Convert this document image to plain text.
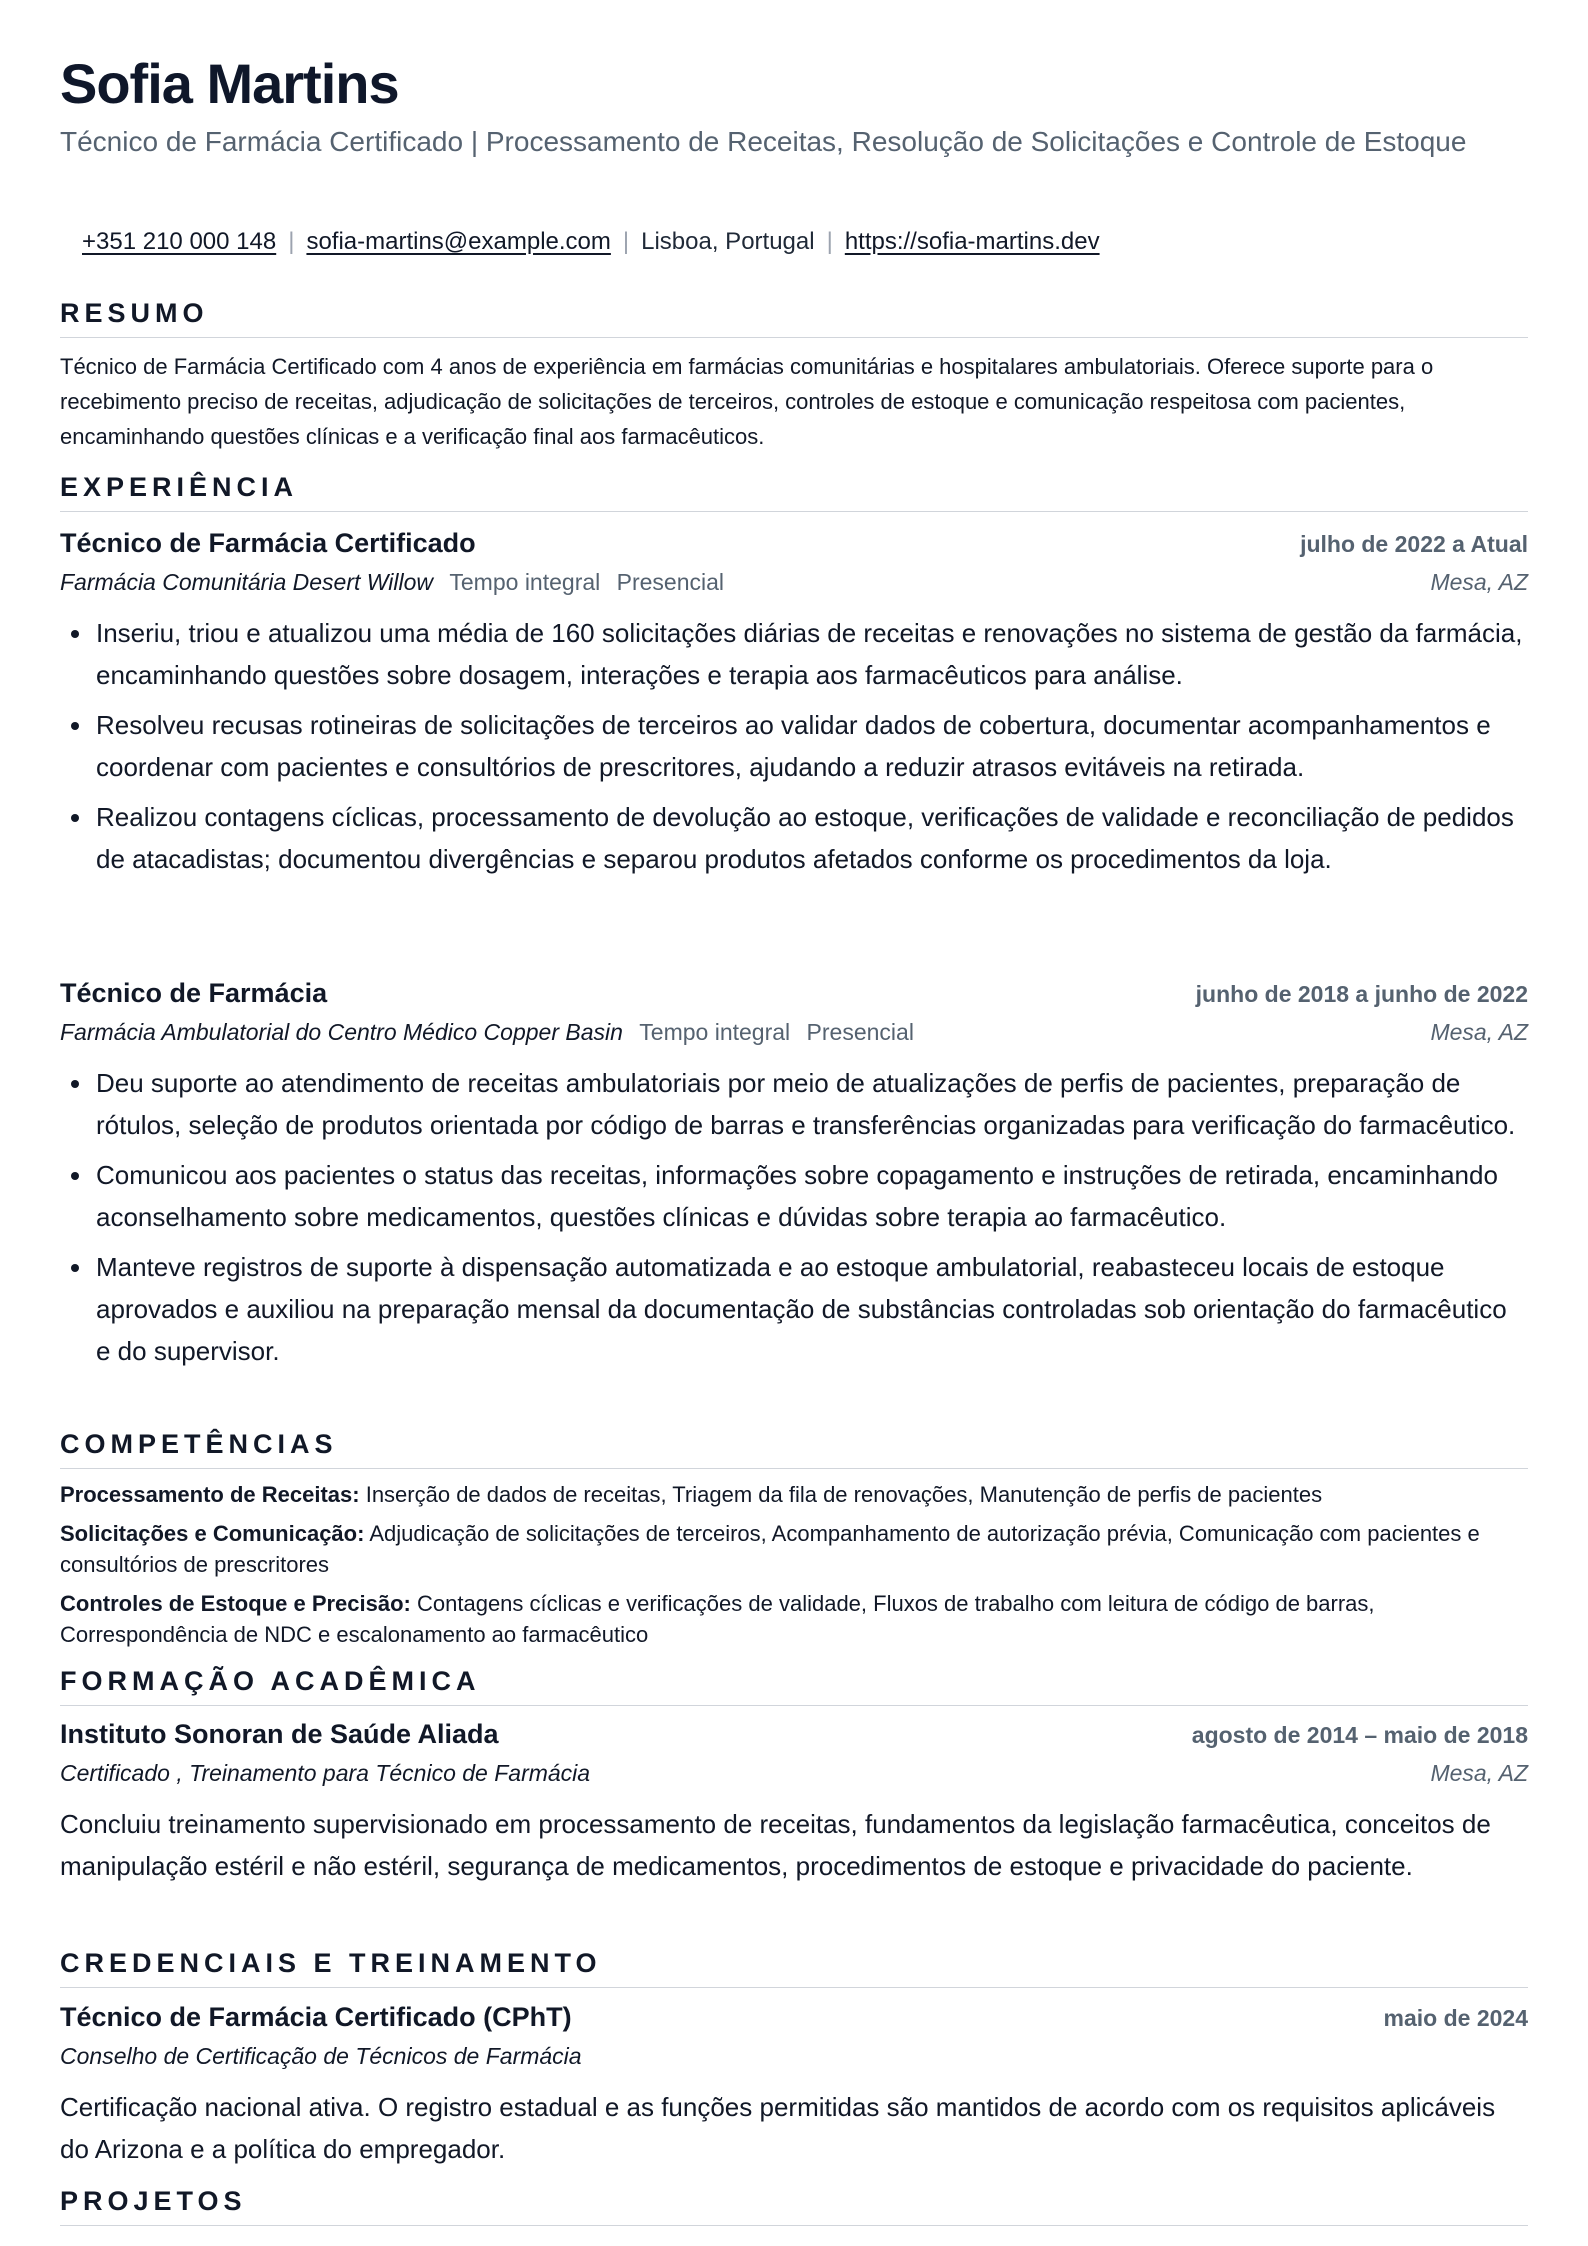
Sofia Martins

Técnico de Farmácia Certificado | Processamento de Receitas, Resolução de Solicitações e Controle de Estoque

+351 210 000 148 | sofia-martins@example.com | Lisboa, Portugal | https://sofia-martins.dev
RESUMO

Técnico de Farmácia Certificado com 4 anos de experiência em farmácias comunitárias e hospitalares ambulatoriais. Oferece suporte para o recebimento preciso de receitas, adjudicação de solicitações de terceiros, controles de estoque e comunicação respeitosa com pacientes, encaminhando questões clínicas e a verificação final aos farmacêuticos.

EXPERIÊNCIA
Técnico de Farmácia Certificado	julho de 2022 a Atual
Farmácia Comunitária Desert Willow Tempo integral Presencial	Mesa, AZ
• Inseriu, triou e atualizou uma média de 160 solicitações diárias de receitas e renovações no sistema de gestão da farmácia, encaminhando questões sobre dosagem, interações e terapia aos farmacêuticos para análise.
• Resolveu recusas rotineiras de solicitações de terceiros ao validar dados de cobertura, documentar acompanhamentos e coordenar com pacientes e consultórios de prescritores, ajudando a reduzir atrasos evitáveis na retirada.
• Realizou contagens cíclicas, processamento de devolução ao estoque, verificações de validade e reconciliação de pedidos de atacadistas; documentou divergências e separou produtos afetados conforme os procedimentos da loja.
Técnico de Farmácia	junho de 2018 a junho de 2022
Farmácia Ambulatorial do Centro Médico Copper Basin Tempo integral Presencial	Mesa, AZ
• Deu suporte ao atendimento de receitas ambulatoriais por meio de atualizações de perfis de pacientes, preparação de rótulos, seleção de produtos orientada por código de barras e transferências organizadas para verificação do farmacêutico.
• Comunicou aos pacientes o status das receitas, informações sobre copagamento e instruções de retirada, encaminhando aconselhamento sobre medicamentos, questões clínicas e dúvidas sobre terapia ao farmacêutico.
• Manteve registros de suporte à dispensação automatizada e ao estoque ambulatorial, reabasteceu locais de estoque aprovados e auxiliou na preparação mensal da documentação de substâncias controladas sob orientação do farmacêutico e do supervisor.
COMPETÊNCIAS
Processamento de Receitas: Inserção de dados de receitas, Triagem da fila de renovações, Manutenção de perfis de pacientes
Solicitações e Comunicação: Adjudicação de solicitações de terceiros, Acompanhamento de autorização prévia, Comunicação com pacientes e consultórios de prescritores
Controles de Estoque e Precisão: Contagens cíclicas e verificações de validade, Fluxos de trabalho com leitura de código de barras, Correspondência de NDC e escalonamento ao farmacêutico
FORMAÇÃO ACADÊMICA
Instituto Sonoran de Saúde Aliada	agosto de 2014 – maio de 2018
Certificado , Treinamento para Técnico de Farmácia	Mesa, AZ

Concluiu treinamento supervisionado em processamento de receitas, fundamentos da legislação farmacêutica, conceitos de manipulação estéril e não estéril, segurança de medicamentos, procedimentos de estoque e privacidade do paciente.

CREDENCIAIS E TREINAMENTO
Técnico de Farmácia Certificado (CPhT)	maio de 2024
Conselho de Certificação de Técnicos de Farmácia

Certificação nacional ativa. O registro estadual e as funções permitidas são mantidos de acordo com os requisitos aplicáveis do Arizona e a política do empregador.

PROJETOS
